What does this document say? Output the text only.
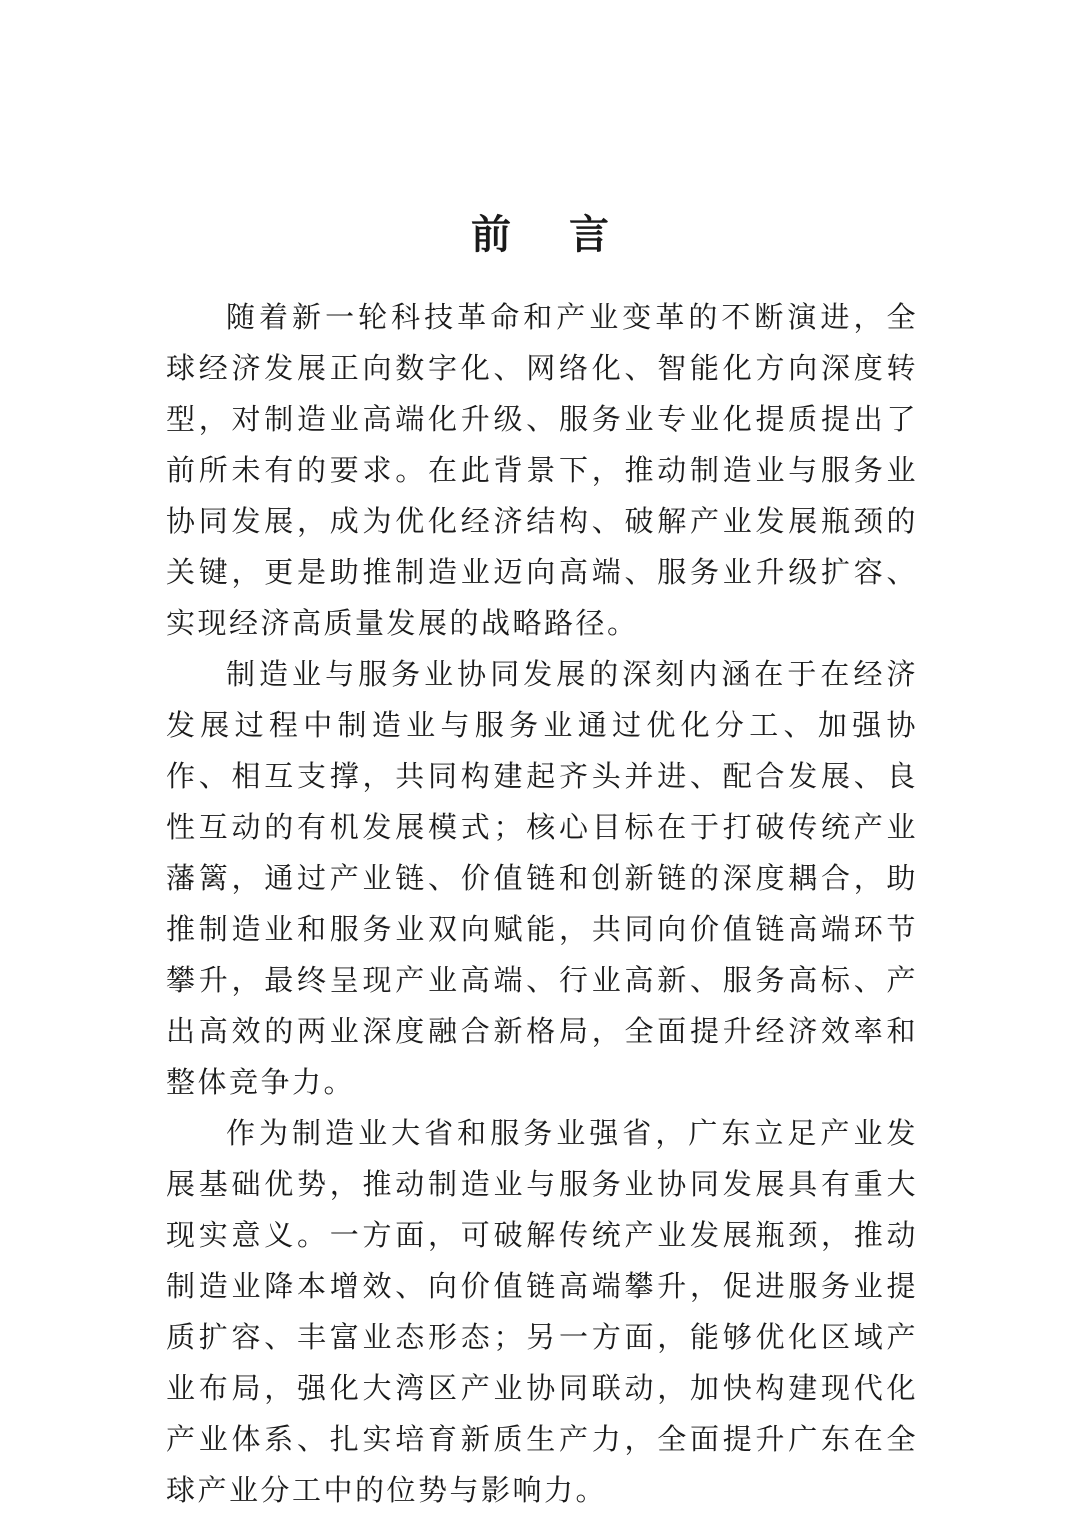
前言

随着新一轮科技革命和产业变革的不断演进，全球经济发展正向数字化、网络化、智能化方向深度转型，对制造业高端化升级、服务业专业化提质提出了前所未有的要求。在此背景下，推动制造业与服务业协同发展，成为优化经济结构、破解产业发展瓶颈的关键，更是助推制造业迈向高端、服务业升级扩容、实现经济高质量发展的战略路径。

制造业与服务业协同发展的深刻内涵在于在经济发展过程中制造业与服务业通过优化分工、加强协作、相互支撑，共同构建起齐头并进、配合发展、良性互动的有机发展模式；核心目标在于打破传统产业藩篱，通过产业链、价值链和创新链的深度耦合，助推制造业和服务业双向赋能，共同向价值链高端环节攀升，最终呈现产业高端、行业高新、服务高标、产出高效的两业深度融合新格局，全面提升经济效率和整体竞争力。

作为制造业大省和服务业强省，广东立足产业发展基础优势，推动制造业与服务业协同发展具有重大现实意义。一方面，可破解传统产业发展瓶颈，推动制造业降本增效、向价值链高端攀升，促进服务业提质扩容、丰富业态形态；另一方面，能够优化区域产业布局，强化大湾区产业协同联动，加快构建现代化产业体系、扎实培育新质生产力，全面提升广东在全球产业分工中的位势与影响力。
